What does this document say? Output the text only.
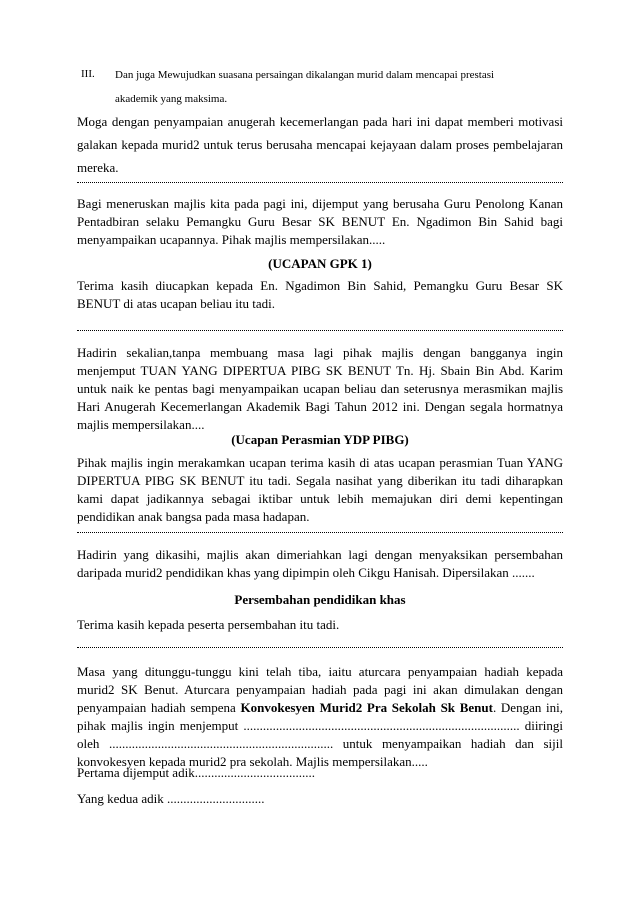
III. Dan juga Mewujudkan suasana persaingan dikalangan murid dalam mencapai prestasi
akademik yang maksima.

Moga dengan penyampaian anugerah kecemerlangan pada hari ini dapat memberi motivasi galakan kepada murid2 untuk terus berusaha mencapai kejayaan dalam proses pembelajaran mereka.

Bagi meneruskan majlis kita pada pagi ini, dijemput yang berusaha Guru Penolong Kanan Pentadbiran selaku Pemangku Guru Besar SK BENUT En. Ngadimon Bin Sahid bagi menyampaikan ucapannya. Pihak majlis mempersilakan.....

(UCAPAN GPK 1)

Terima kasih diucapkan kepada En. Ngadimon Bin Sahid, Pemangku Guru Besar SK BENUT di atas ucapan beliau itu tadi.

Hadirin sekalian,tanpa membuang masa lagi pihak majlis dengan bangganya ingin menjemput TUAN YANG DIPERTUA PIBG SK BENUT Tn. Hj. Sbain Bin Abd. Karim untuk naik ke pentas bagi menyampaikan ucapan beliau dan seterusnya merasmikan majlis Hari Anugerah Kecemerlangan Akademik Bagi Tahun 2012 ini. Dengan segala hormatnya majlis mempersilakan....

(Ucapan Perasmian YDP PIBG)

Pihak majlis ingin merakamkan ucapan terima kasih di atas ucapan perasmian Tuan YANG DIPERTUA PIBG SK BENUT itu tadi. Segala nasihat yang diberikan itu tadi diharapkan kami dapat jadikannya sebagai iktibar untuk lebih memajukan diri demi kepentingan pendidikan anak bangsa pada masa hadapan.

Hadirin yang dikasihi, majlis akan dimeriahkan lagi dengan menyaksikan persembahan daripada murid2 pendidikan khas yang dipimpin oleh Cikgu Hanisah. Dipersilakan .......

Persembahan pendidikan khas

Terima kasih kepada peserta persembahan itu tadi.

Masa yang ditunggu-tunggu kini telah tiba, iaitu aturcara penyampaian hadiah kepada murid2 SK Benut. Aturcara penyampaian hadiah pada pagi ini akan dimulakan dengan penyampaian hadiah sempena Konvokesyen Murid2 Pra Sekolah Sk Benut. Dengan ini, pihak majlis ingin menjemput ..................................................................................... diiringi oleh ..................................................................... untuk menyampaikan hadiah dan sijil konvokesyen kepada murid2 pra sekolah. Majlis mempersilakan.....

Pertama dijemput adik.....................................

Yang kedua adik ..............................
